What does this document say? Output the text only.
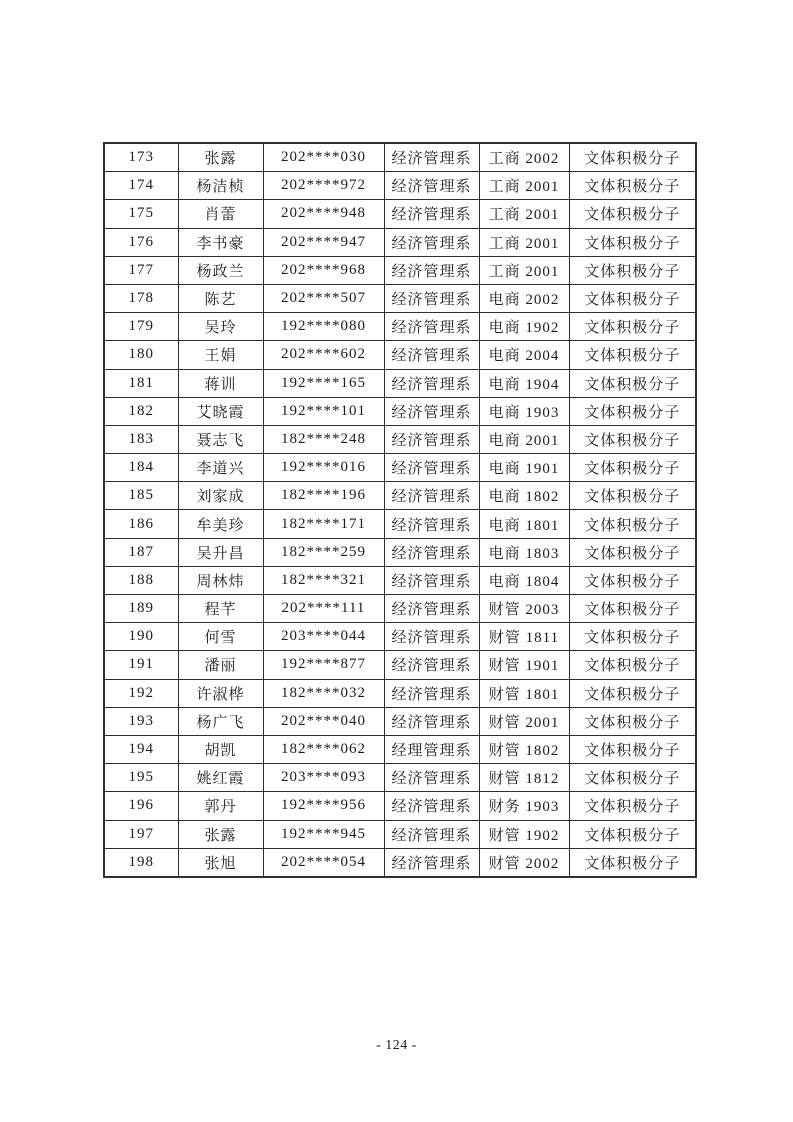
173	张露	202****030	经济管理系	工商 2002	文体积极分子
174	杨洁桢	202****972	经济管理系	工商 2001	文体积极分子
175	肖蕾	202****948	经济管理系	工商 2001	文体积极分子
176	李书豪	202****947	经济管理系	工商 2001	文体积极分子
177	杨政兰	202****968	经济管理系	工商 2001	文体积极分子
178	陈艺	202****507	经济管理系	电商 2002	文体积极分子
179	吴玲	192****080	经济管理系	电商 1902	文体积极分子
180	王娟	202****602	经济管理系	电商 2004	文体积极分子
181	蒋训	192****165	经济管理系	电商 1904	文体积极分子
182	艾晓霞	192****101	经济管理系	电商 1903	文体积极分子
183	聂志飞	182****248	经济管理系	电商 2001	文体积极分子
184	李道兴	192****016	经济管理系	电商 1901	文体积极分子
185	刘家成	182****196	经济管理系	电商 1802	文体积极分子
186	牟美珍	182****171	经济管理系	电商 1801	文体积极分子
187	吴升昌	182****259	经济管理系	电商 1803	文体积极分子
188	周林炜	182****321	经济管理系	电商 1804	文体积极分子
189	程芊	202****111	经济管理系	财管 2003	文体积极分子
190	何雪	203****044	经济管理系	财管 1811	文体积极分子
191	潘丽	192****877	经济管理系	财管 1901	文体积极分子
192	许淑桦	182****032	经济管理系	财管 1801	文体积极分子
193	杨广飞	202****040	经济管理系	财管 2001	文体积极分子
194	胡凯	182****062	经理管理系	财管 1802	文体积极分子
195	姚红霞	203****093	经济管理系	财管 1812	文体积极分子
196	郭丹	192****956	经济管理系	财务 1903	文体积极分子
197	张露	192****945	经济管理系	财管 1902	文体积极分子
198	张旭	202****054	经济管理系	财管 2002	文体积极分子
- 124 -
